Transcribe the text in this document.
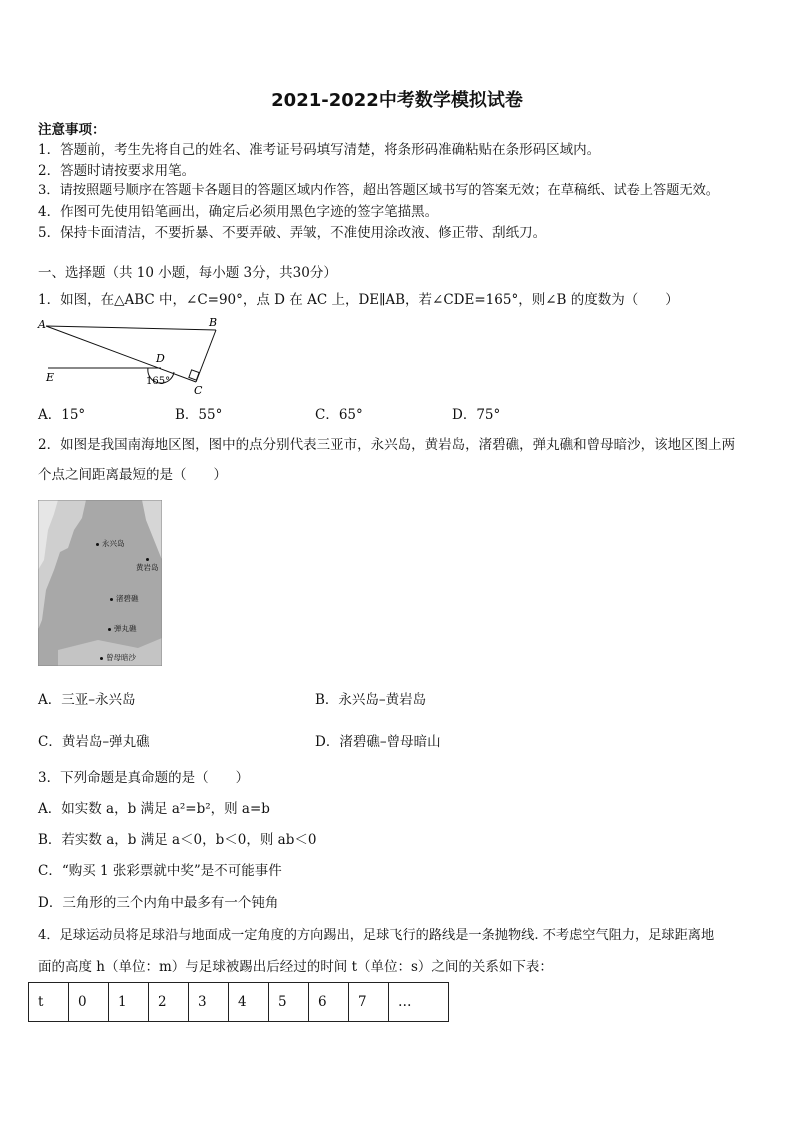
2021-2022中考数学模拟试卷
注意事项：
1．答题前，考生先将自己的姓名、准考证号码填写清楚，将条形码准确粘贴在条形码区域内。
2．答题时请按要求用笔。
3．请按照题号顺序在答题卡各题目的答题区域内作答，超出答题区域书写的答案无效；在草稿纸、试卷上答题无效。
4．作图可先使用铅笔画出，确定后必须用黑色字迹的签字笔描黑。
5．保持卡面清洁，不要折暴、不要弄破、弄皱，不准使用涂改液、修正带、刮纸刀。
一、选择题（共 10 小题，每小题 3分，共30分）
1．如图，在△ABC 中，∠C=90°，点 D 在 AC 上，DE∥AB，若∠CDE=165°，则∠B 的度数为（　　）
A	B
D
E
C
165°
A．15°	B．55°	C．65°	D．75°
2．如图是我国南海地区图，图中的点分别代表三亚市，永兴岛，黄岩岛，渚碧礁，弹丸礁和曾母暗沙，该地区图上两
个点之间距离最短的是（　　）
永兴岛
黄岩岛
渚碧礁
弹丸礁
曾母暗沙
A．三亚–永兴岛	B．永兴岛–黄岩岛
C．黄岩岛–弹丸礁	D．渚碧礁–曾母暗山
3．下列命题是真命题的是（　　）
A．如实数 a，b 满足 a²=b²，则 a=b
B．若实数 a，b 满足 a＜0，b＜0，则 ab＜0
C．“购买 1 张彩票就中奖”是不可能事件
D．三角形的三个内角中最多有一个钝角
4．足球运动员将足球沿与地面成一定角度的方向踢出，足球飞行的路线是一条抛物线. 不考虑空气阻力，足球距离地
面的高度 h（单位：m）与足球被踢出后经过的时间 t（单位：s）之间的关系如下表：
t	0	1	2	3	4	5	6	7	…
